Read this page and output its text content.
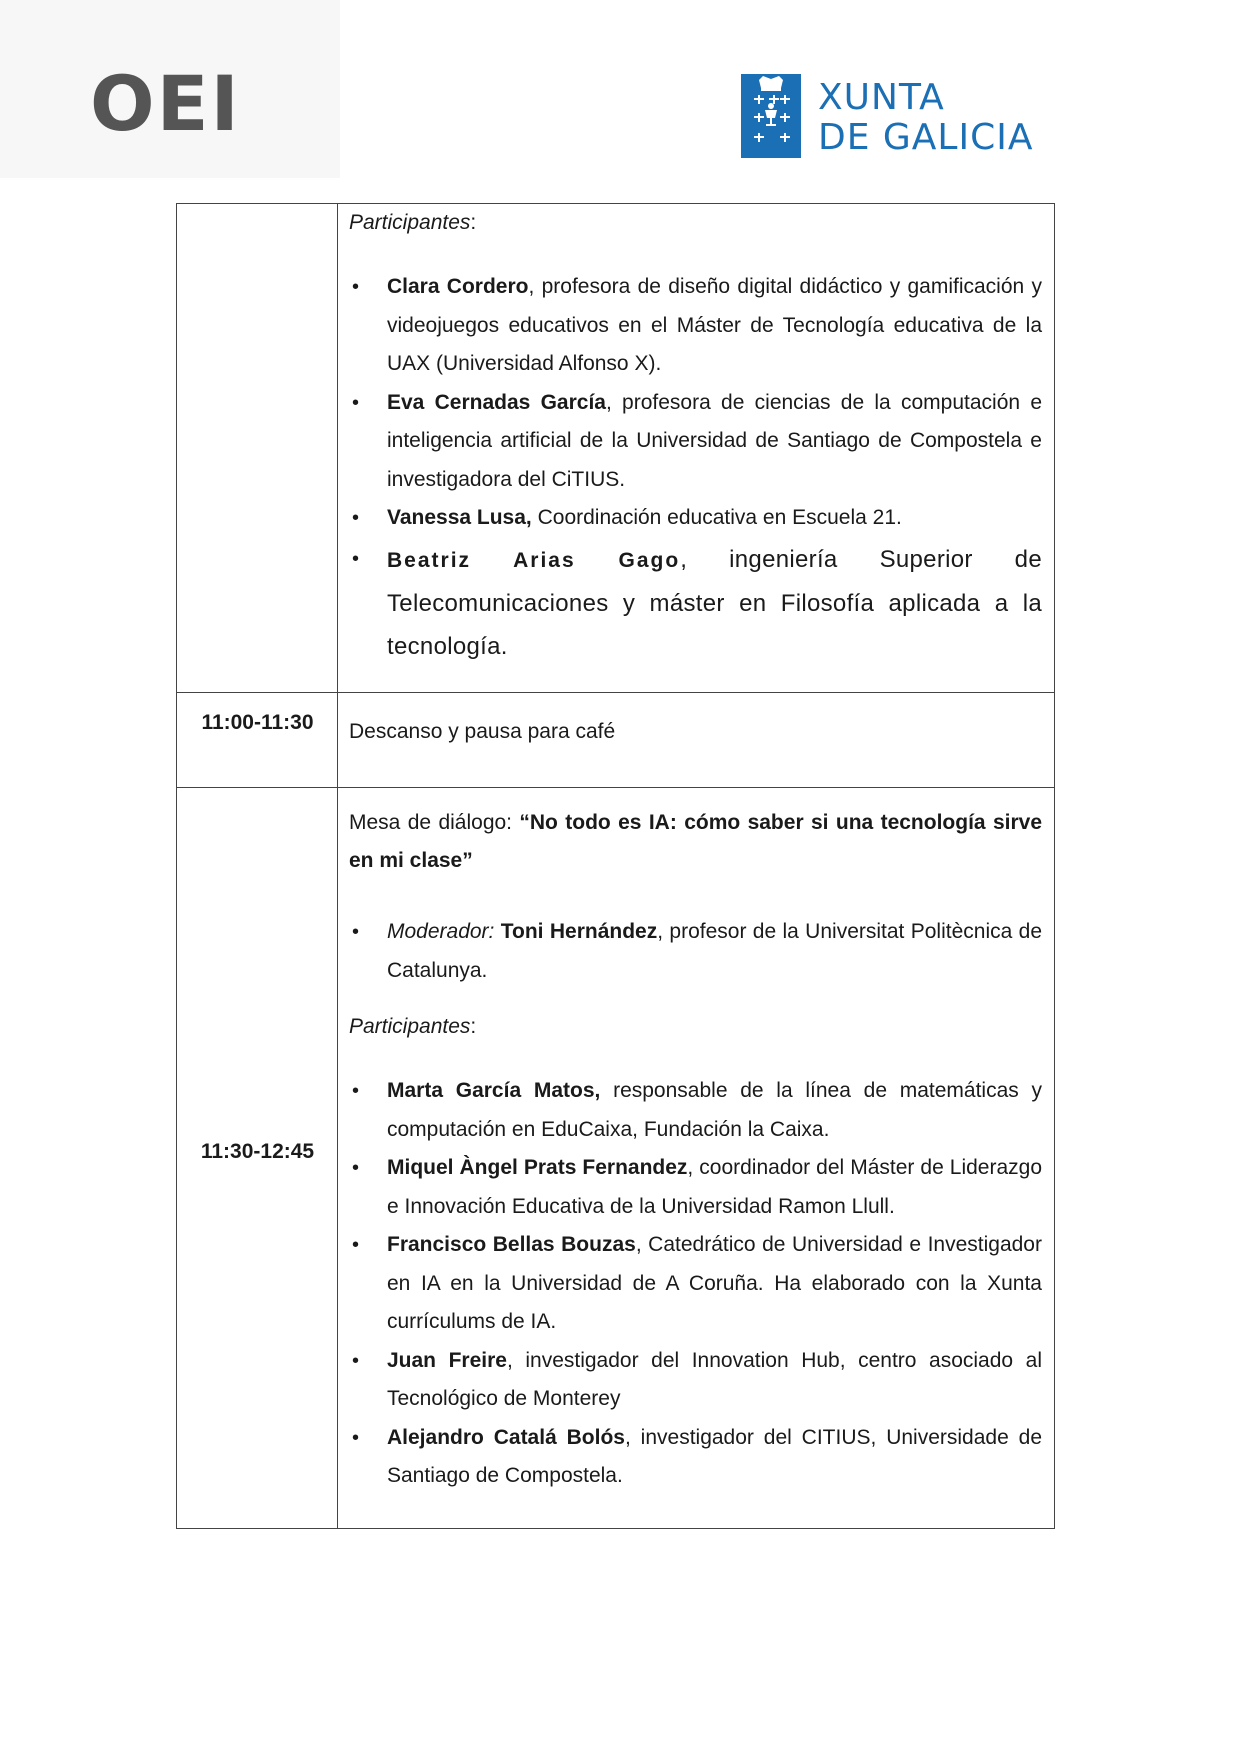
OEI	XUNTA
DE GALICIA

Participantes:

• Clara Cordero, profesora de diseño digital didáctico y gamificación y videojuegos educativos en el Máster de Tecnología educativa de la UAX (Universidad Alfonso X).
• Eva Cernadas García, profesora de ciencias de la computación e inteligencia artificial de la Universidad de Santiago de Compostela e investigadora del CiTIUS.
• Vanessa Lusa, Coordinación educativa en Escuela 21.
• Beatriz Arias Gago, ingeniería Superior de Telecomunicaciones y máster en Filosofía aplicada a la tecnología.
11:00-11:30	Descanso y pausa para café

11:30-12:45

Mesa de diálogo: “No todo es IA: cómo saber si una tecnología sirve en mi clase”

• Moderador: Toni Hernández, profesor de la Universitat Politècnica de Catalunya.

Participantes:

• Marta García Matos, responsable de la línea de matemáticas y computación en EduCaixa, Fundación la Caixa.
• Miquel Àngel Prats Fernandez, coordinador del Máster de Liderazgo e Innovación Educativa de la Universidad Ramon Llull.
• Francisco Bellas Bouzas, Catedrático de Universidad e Investigador en IA en la Universidad de A Coruña. Ha elaborado con la Xunta currículums de IA.
• Juan Freire, investigador del Innovation Hub, centro asociado al Tecnológico de Monterey
• Alejandro Catalá Bolós, investigador del CITIUS, Universidade de Santiago de Compostela.
